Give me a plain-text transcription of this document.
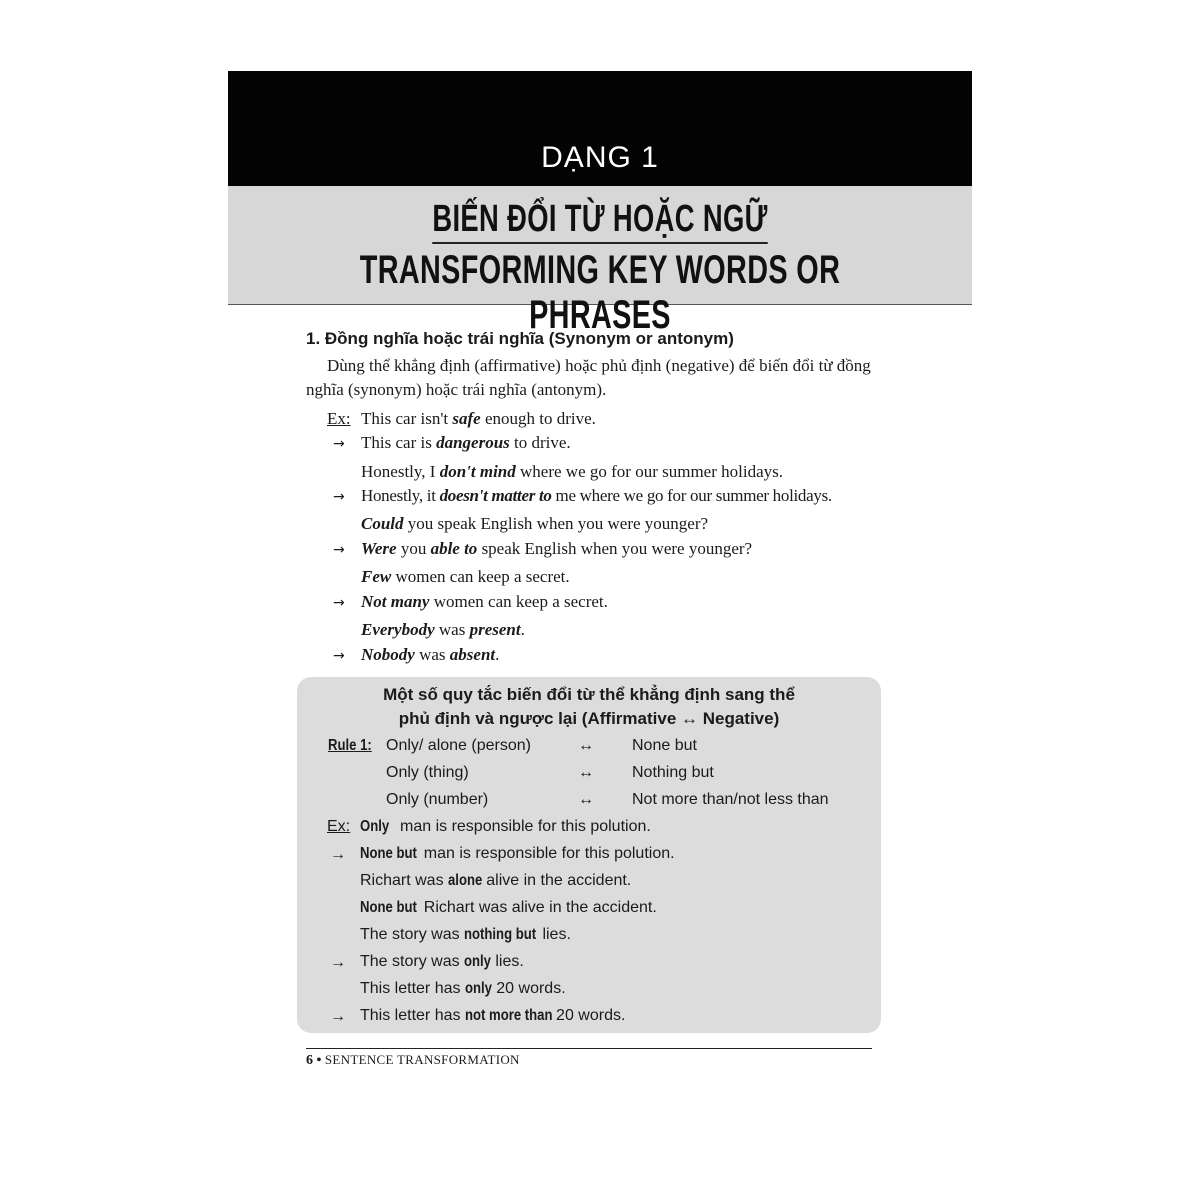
DẠNG 1
BIẾN ĐỔI TỪ HOẶC NGỮ
TRANSFORMING KEY WORDS OR PHRASES
1. Đồng nghĩa hoặc trái nghĩa (Synonym or antonym)
Dùng thể khẳng định (affirmative) hoặc phủ định (negative) để biến đổi từ đồng nghĩa (synonym) hoặc trái nghĩa (antonym).
Ex: This car isn't safe enough to drive.
→ This car is dangerous to drive.
Honestly, I don't mind where we go for our summer holidays.
→ Honestly, it doesn't matter to me where we go for our summer holidays.
Could you speak English when you were younger?
→ Were you able to speak English when you were younger?
Few women can keep a secret.
→ Not many women can keep a secret.
Everybody was present.
→ Nobody was absent.
Một số quy tắc biến đổi từ thể khẳng định sang thể
phủ định và ngược lại (Affirmative ↔ Negative)
Rule 1: Only/ alone (person)	↔ None but
Only (thing)	↔ Nothing but
Only (number)	↔ Not more than/not less than
Ex: Only man is responsible for this polution.
→ None but man is responsible for this polution.
Richart was alone alive in the accident.
None but Richart was alive in the accident.
The story was nothing but lies.
→ The story was only lies.
This letter has only 20 words.
→ This letter has not more than 20 words.
6 • SENTENCE TRANSFORMATION
